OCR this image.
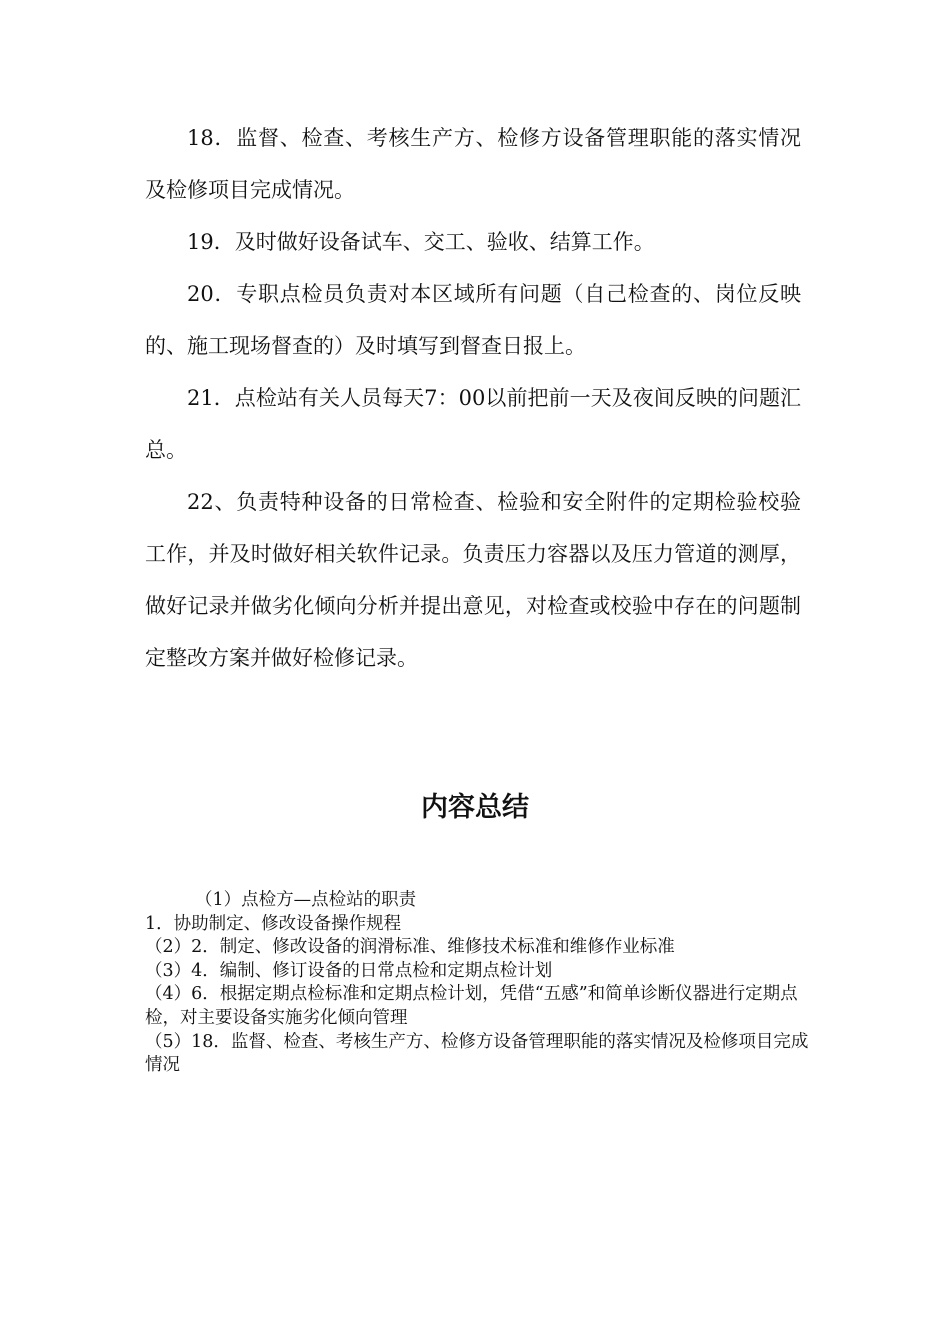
18．监督、检查、考核生产方、检修方设备管理职能的落实情况及检修项目完成情况。

19．及时做好设备试车、交工、验收、结算工作。

20．专职点检员负责对本区域所有问题（自己检查的、岗位反映的、施工现场督查的）及时填写到督查日报上。

21．点检站有关人员每天7：00以前把前一天及夜间反映的问题汇总。

22、负责特种设备的日常检查、检验和安全附件的定期检验校验工作，并及时做好相关软件记录。负责压力容器以及压力管道的测厚，做好记录并做劣化倾向分析并提出意见，对检查或校验中存在的问题制定整改方案并做好检修记录。

内容总结

（1）点检方—点检站的职责

1．协助制定、修改设备操作规程

（2）2．制定、修改设备的润滑标准、维修技术标准和维修作业标准

（3）4．编制、修订设备的日常点检和定期点检计划

（4）6．根据定期点检标准和定期点检计划，凭借“五感”和简单诊断仪器进行定期点检，对主要设备实施劣化倾向管理

（5）18．监督、检查、考核生产方、检修方设备管理职能的落实情况及检修项目完成情况
